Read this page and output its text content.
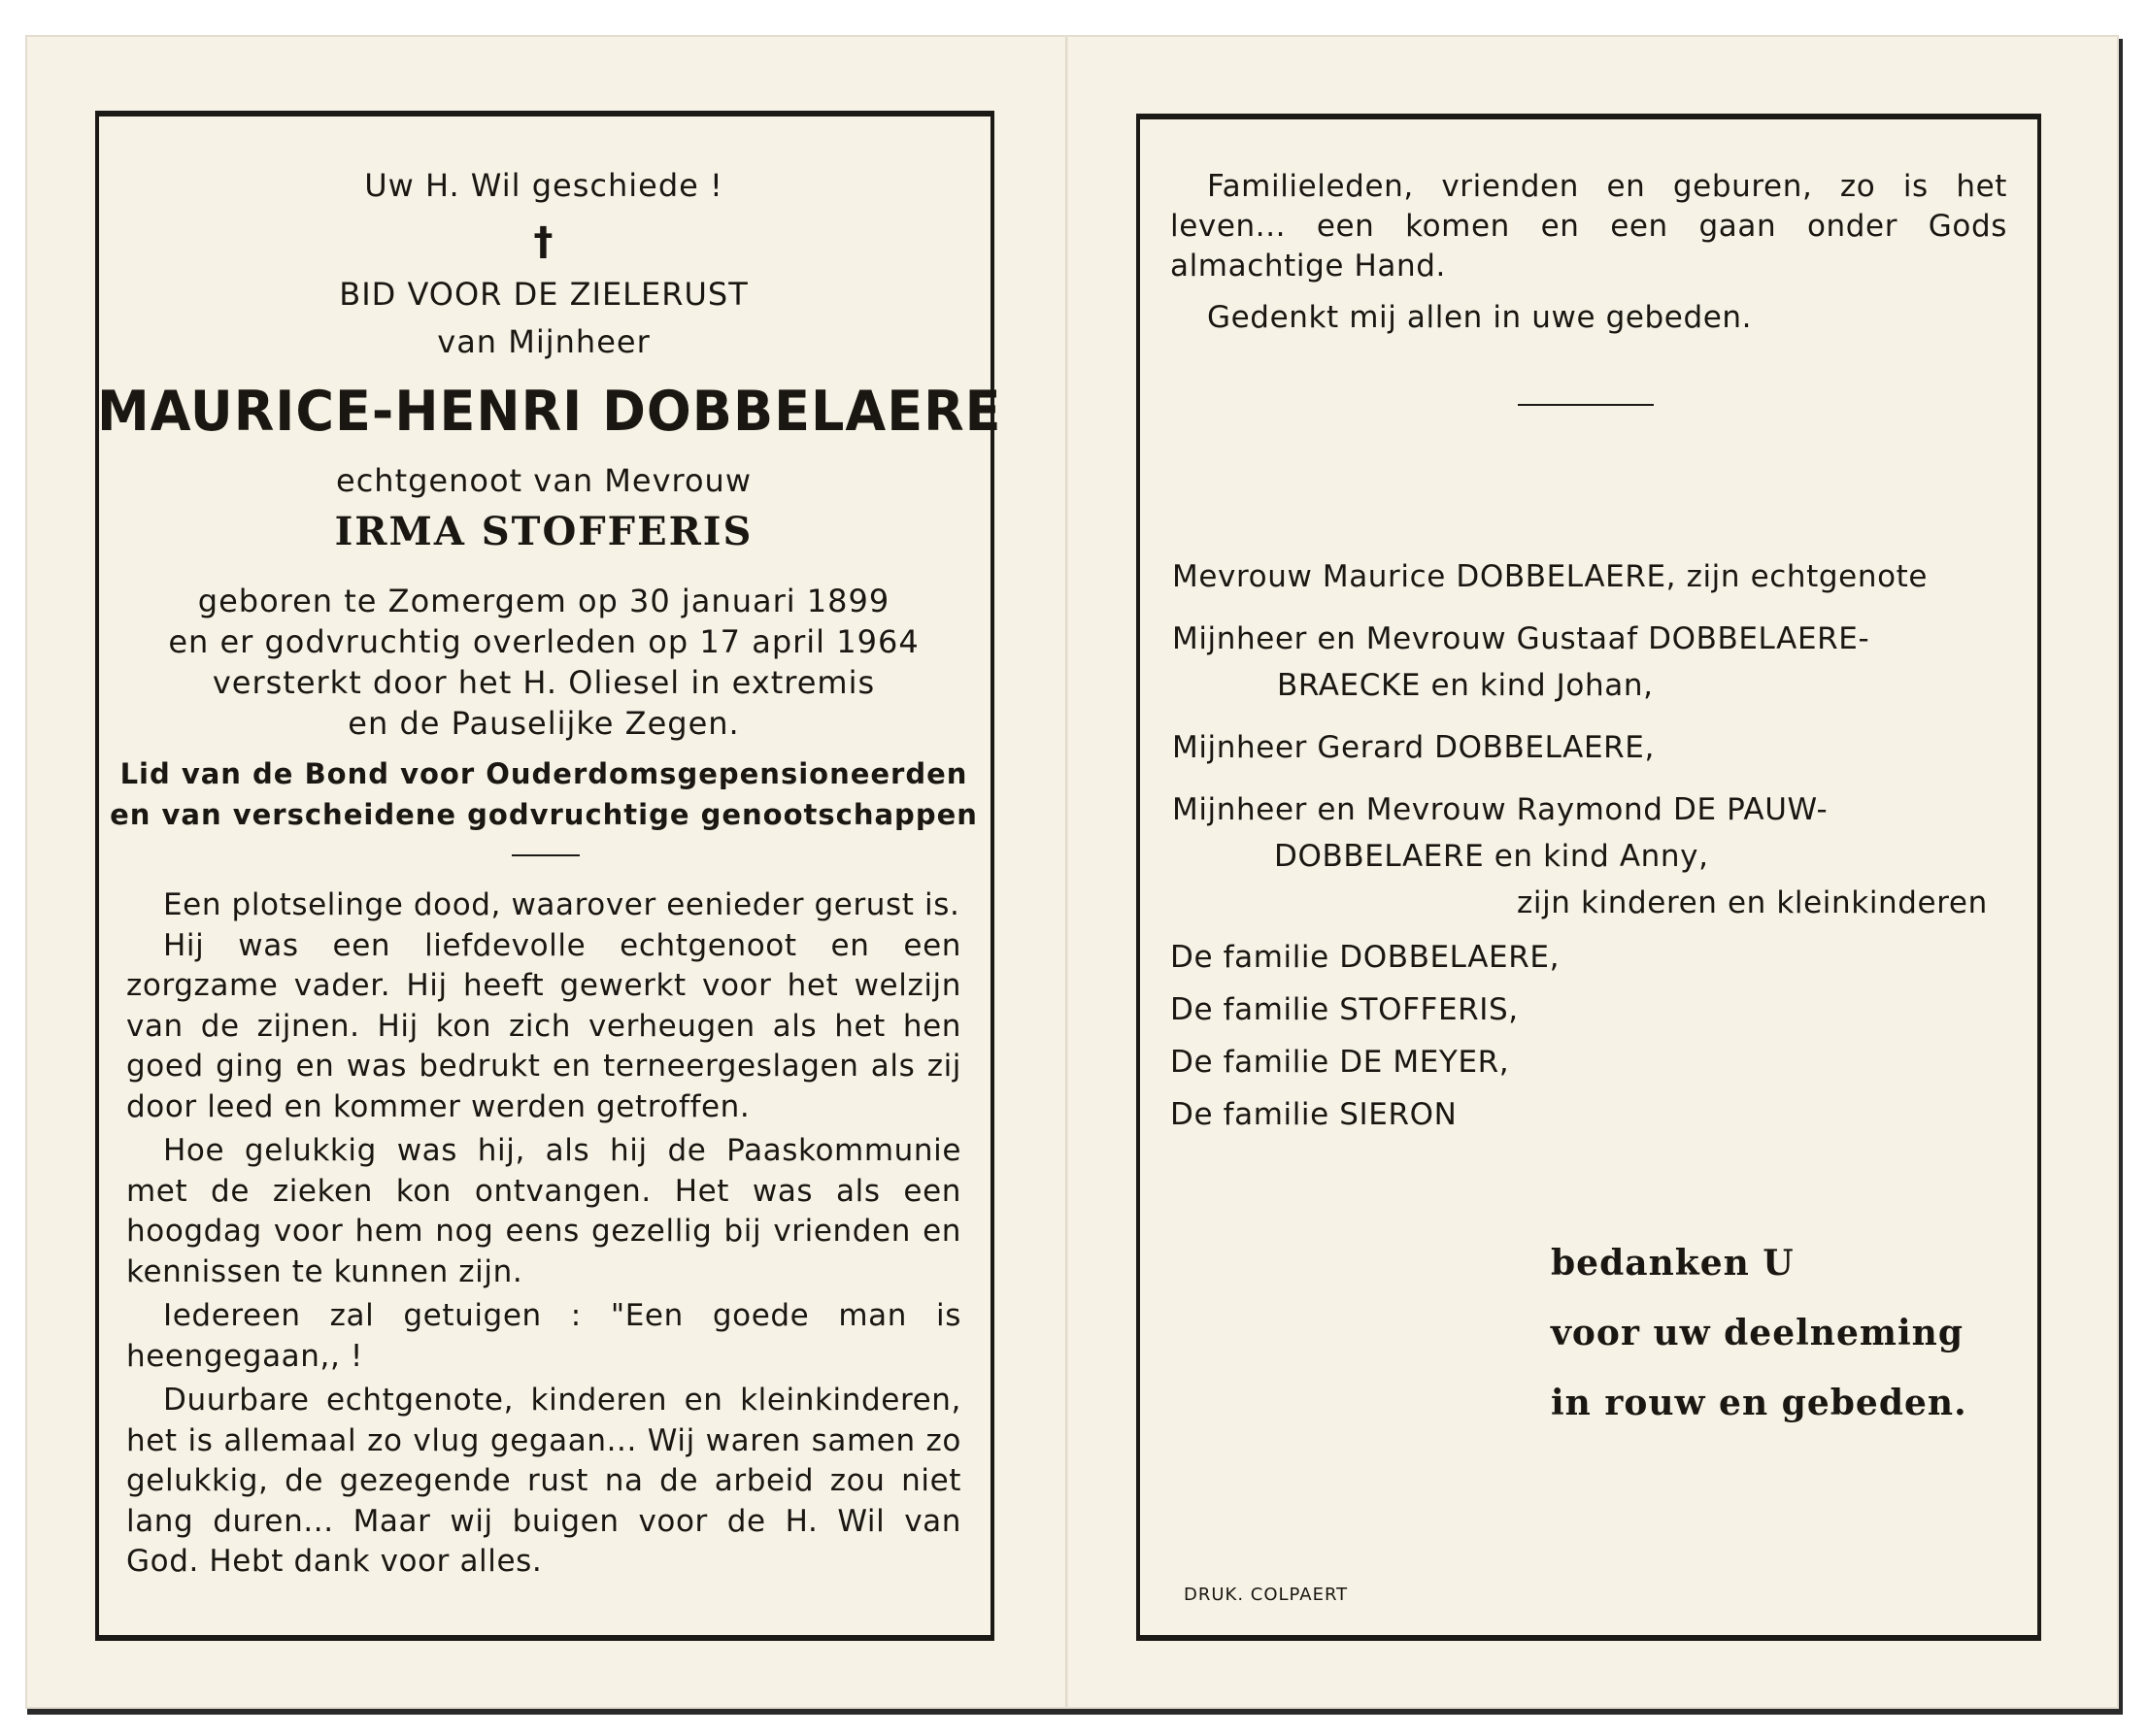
Uw H. Wil geschiede !
†
BID VOOR DE ZIELERUST
van Mijnheer
MAURICE-HENRI DOBBELAERE
echtgenoot van Mevrouw
IRMA STOFFERIS
geboren te Zomergem op 30 januari 1899
en er godvruchtig overleden op 17 april 1964
versterkt door het H. Oliesel in extremis
en de Pauselijke Zegen.
Lid van de Bond voor Ouderdomsgepensioneerden
en van verscheidene godvruchtige genootschappen

Een plotselinge dood, waarover eenieder gerust is.

Hij was een liefdevolle echtgenoot en een zorgzame vader. Hij heeft gewerkt voor het welzijn van de zijnen. Hij kon zich verheugen als het hen goed ging en was bedrukt en terneergeslagen als zij door leed en kommer werden getroffen.

Hoe gelukkig was hij, als hij de Paaskommunie met de zieken kon ontvangen. Het was als een hoogdag voor hem nog eens gezellig bij vrienden en kennissen te kunnen zijn.

Iedereen zal getuigen : "Een goede man is heengegaan,, !

Duurbare echtgenote, kinderen en kleinkinderen, het is allemaal zo vlug gegaan... Wij waren samen zo gelukkig, de gezegende rust na de arbeid zou niet lang duren... Maar wij buigen voor de H. Wil van God. Hebt dank voor alles.

Familieleden, vrienden en geburen, zo is het leven... een komen en een gaan onder Gods almachtige Hand.

Gedenkt mij allen in uwe gebeden.

Mevrouw Maurice DOBBELAERE, zijn echtgenote
Mijnheer en Mevrouw Gustaaf DOBBELAERE-
BRAECKE en kind Johan,
Mijnheer Gerard DOBBELAERE,
Mijnheer en Mevrouw Raymond DE PAUW-
DOBBELAERE en kind Anny,
zijn kinderen en kleinkinderen
De familie DOBBELAERE,
De familie STOFFERIS,
De familie DE MEYER,
De familie SIERON
bedanken U
voor uw deelneming
in rouw en gebeden.
DRUK. COLPAERT
